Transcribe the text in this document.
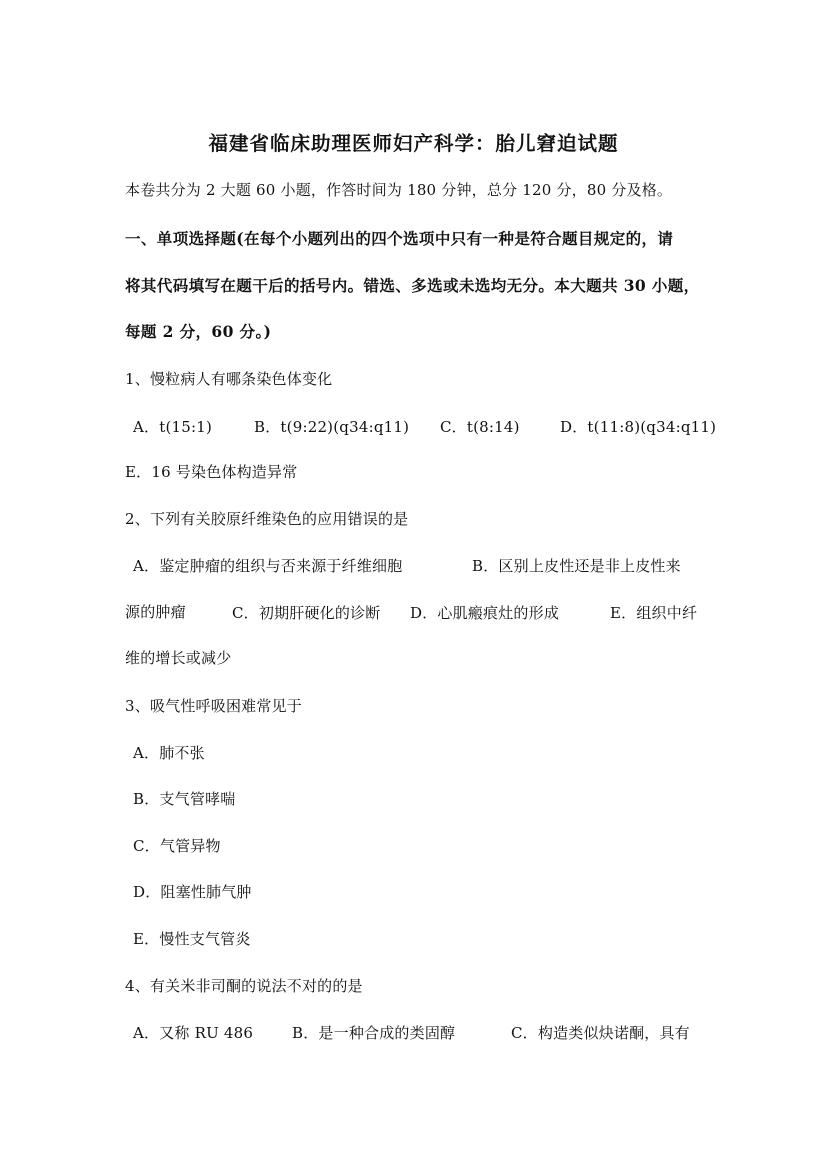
福建省临床助理医师妇产科学：胎儿窘迫试题
本卷共分为 2 大题 60 小题，作答时间为 180 分钟，总分 120 分，80 分及格。
一、单项选择题(在每个小题列出的四个选项中只有一种是符合题目规定的，请
将其代码填写在题干后的括号内。错选、多选或未选均无分。本大题共 30 小题，
每题 2 分，60 分。)
1、慢粒病人有哪条染色体变化
A．t(15:1)	B．t(9:22)(q34:q11) C．t(8:14)	D．t(11:8)(q34:q11)
E．16 号染色体构造异常
2、下列有关胶原纤维染色的应用错误的是
A．鉴定肿瘤的组织与否来源于纤维细胞	B．区别上皮性还是非上皮性来
源的肿瘤	C．初期肝硬化的诊断 D．心肌瘢痕灶的形成	E．组织中纤
维的增长或减少
3、吸气性呼吸困难常见于
A．肺不张
B．支气管哮喘
C．气管异物
D．阻塞性肺气肿
E．慢性支气管炎
4、有关米非司酮的说法不对的的是
A．又称 RU 486	B．是一种合成的类固醇	C．构造类似炔诺酮，具有
